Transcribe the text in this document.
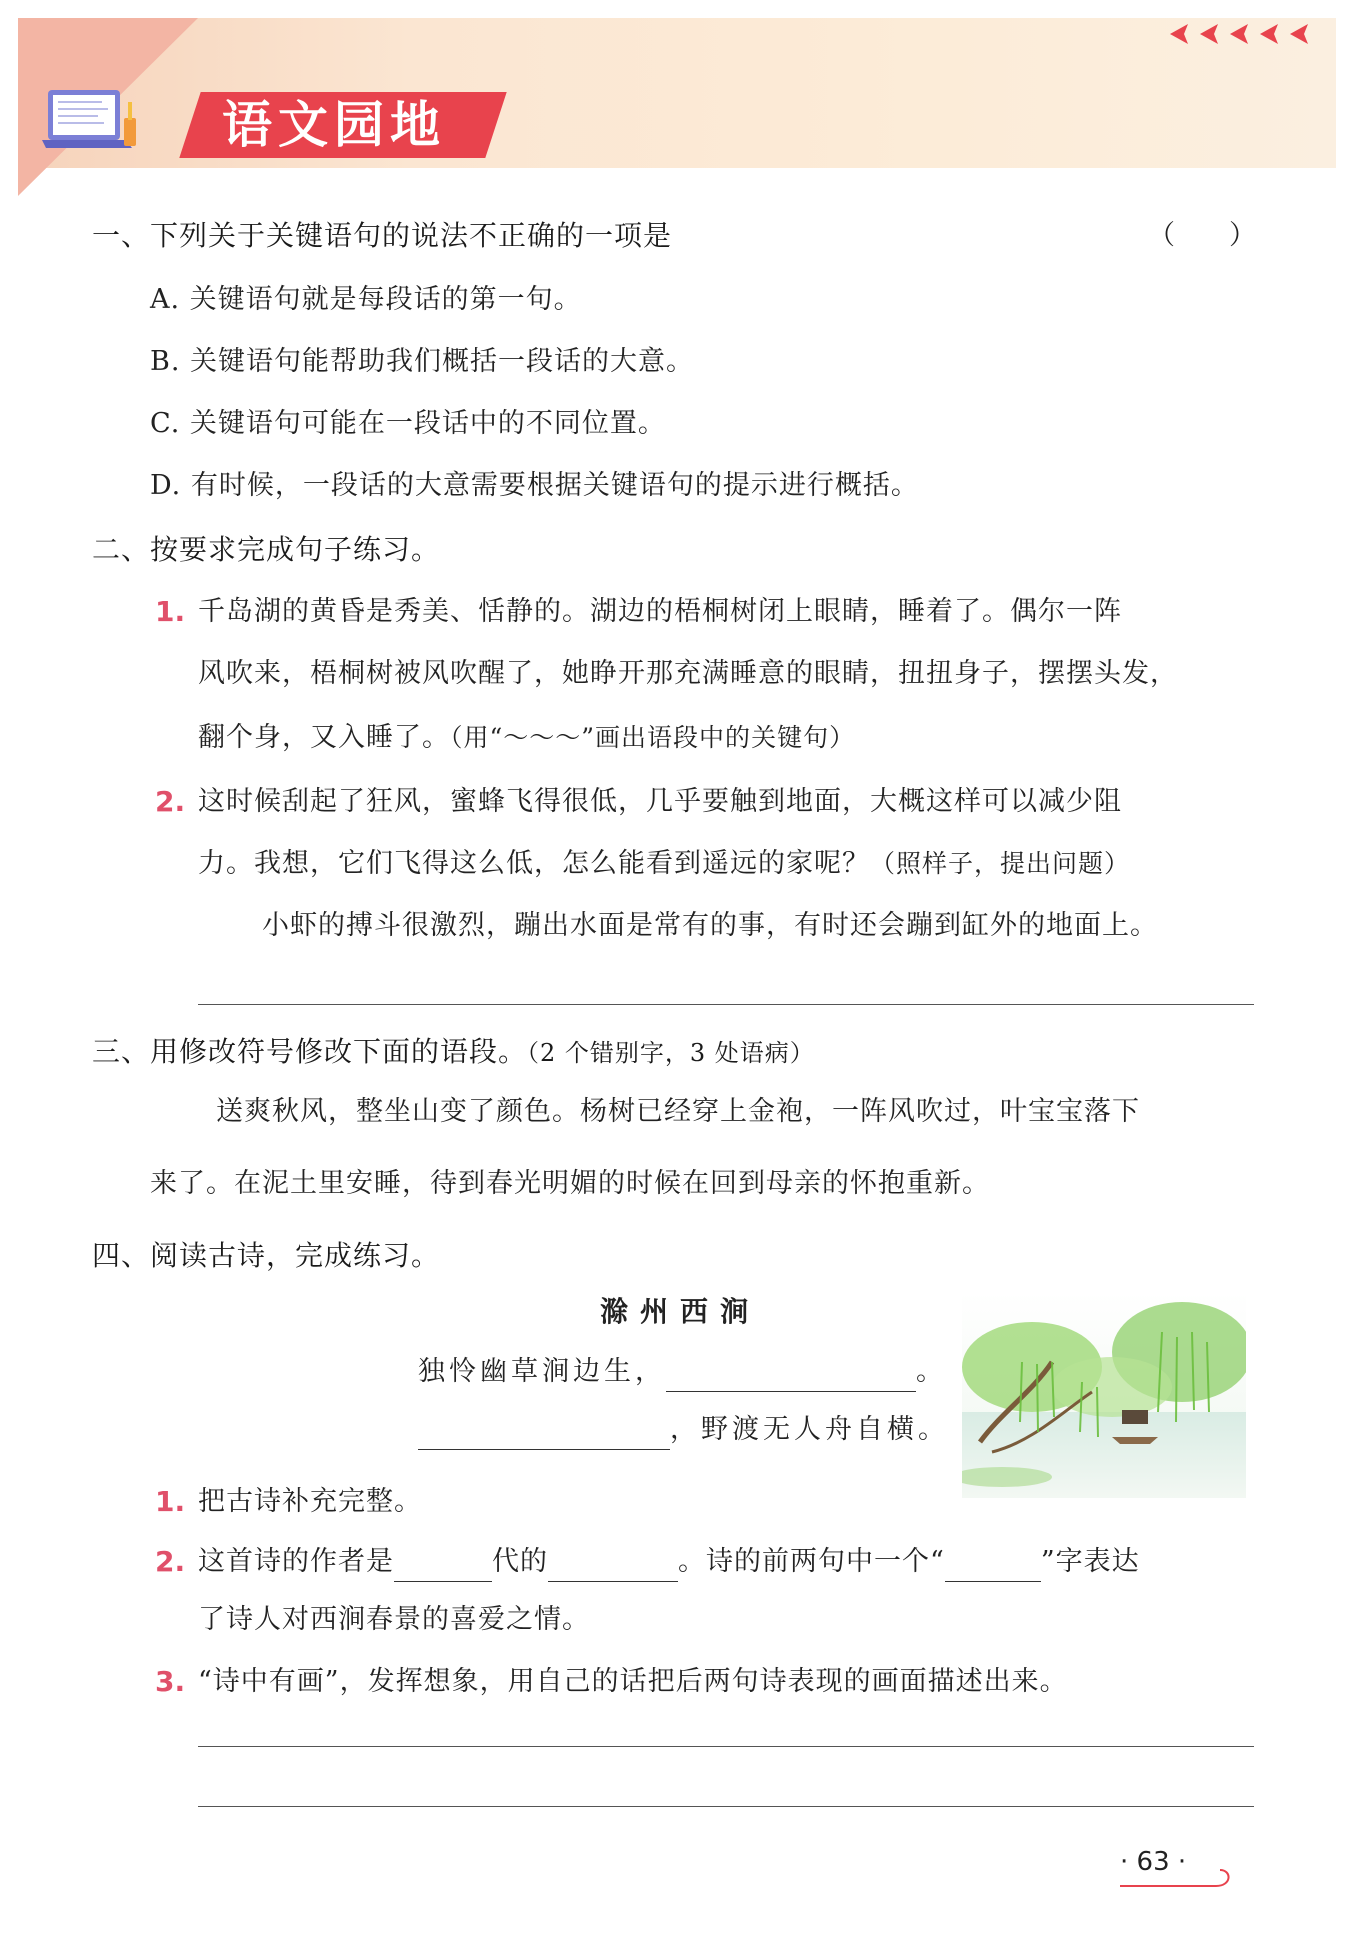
语文园地
一、下列关于关键语句的说法不正确的一项是	（　　）
A. 关键语句就是每段话的第一句。
B. 关键语句能帮助我们概括一段话的大意。
C. 关键语句可能在一段话中的不同位置。
D. 有时候，一段话的大意需要根据关键语句的提示进行概括。
二、按要求完成句子练习。
1. 千岛湖的黄昏是秀美、恬静的。湖边的梧桐树闭上眼睛，睡着了。偶尔一阵
风吹来，梧桐树被风吹醒了，她睁开那充满睡意的眼睛，扭扭身子，摆摆头发，
翻个身，又入睡了。（用“～～～”画出语段中的关键句）
2. 这时候刮起了狂风，蜜蜂飞得很低，几乎要触到地面，大概这样可以减少阻
力。我想，它们飞得这么低，怎么能看到遥远的家呢？（照样子，提出问题）
小虾的搏斗很激烈，蹦出水面是常有的事，有时还会蹦到缸外的地面上。
三、用修改符号修改下面的语段。（2 个错别字，3 处语病）
送爽秋风，整坐山变了颜色。杨树已经穿上金袍，一阵风吹过，叶宝宝落下
来了。在泥土里安睡，待到春光明媚的时候在回到母亲的怀抱重新。
四、阅读古诗，完成练习。
滁州西涧
独怜幽草涧边生，	。
，野渡无人舟自横。
1. 把古诗补充完整。
2. 这首诗的作者是	代的	。诗的前两句中一个“	”字表达
了诗人对西涧春景的喜爱之情。
3. “诗中有画”，发挥想象，用自己的话把后两句诗表现的画面描述出来。
· 63 ·
